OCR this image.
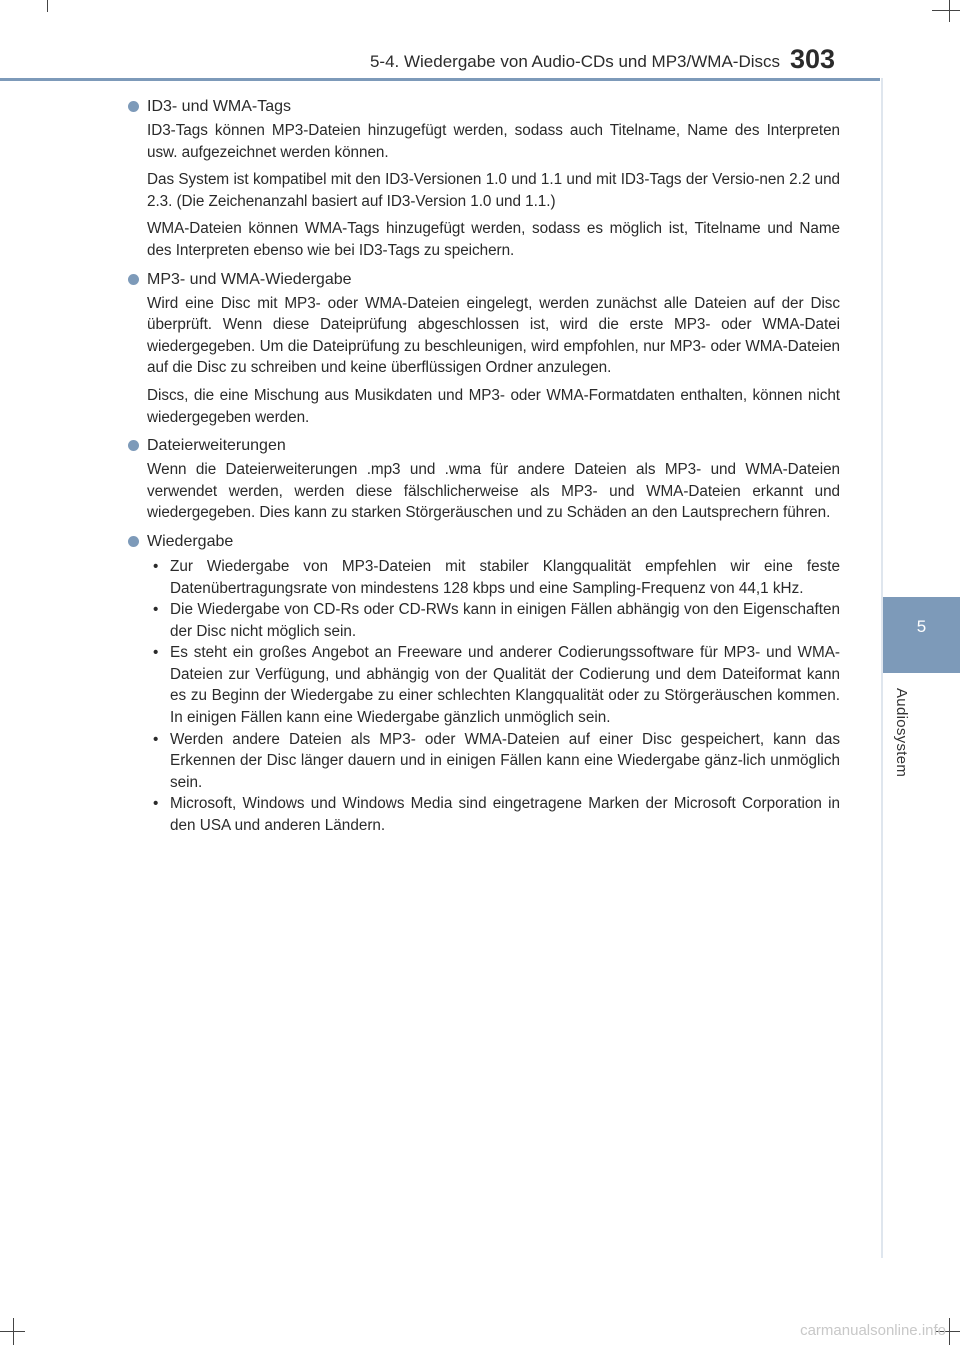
5-4. Wiedergabe von Audio-CDs und MP3/WMA-Discs 303
5
Audiosystem
ID3- und WMA-Tags

ID3-Tags können MP3-Dateien hinzugefügt werden, sodass auch Titelname, Name des Interpreten usw. aufgezeichnet werden können.

Das System ist kompatibel mit den ID3-Versionen 1.0 und 1.1 und mit ID3-Tags der Versio-nen 2.2 und 2.3. (Die Zeichenanzahl basiert auf ID3-Version 1.0 und 1.1.)

WMA-Dateien können WMA-Tags hinzugefügt werden, sodass es möglich ist, Titelname und Name des Interpreten ebenso wie bei ID3-Tags zu speichern.

MP3- und WMA-Wiedergabe

Wird eine Disc mit MP3- oder WMA-Dateien eingelegt, werden zunächst alle Dateien auf der Disc überprüft. Wenn diese Dateiprüfung abgeschlossen ist, wird die erste MP3- oder WMA-Datei wiedergegeben. Um die Dateiprüfung zu beschleunigen, wird empfohlen, nur MP3- oder WMA-Dateien auf die Disc zu schreiben und keine überflüssigen Ordner anzulegen.

Discs, die eine Mischung aus Musikdaten und MP3- oder WMA-Formatdaten enthalten, können nicht wiedergegeben werden.

Dateierweiterungen

Wenn die Dateierweiterungen .mp3 und .wma für andere Dateien als MP3- und WMA-Dateien verwendet werden, werden diese fälschlicherweise als MP3- und WMA-Dateien erkannt und wiedergegeben. Dies kann zu starken Störgeräuschen und zu Schäden an den Lautsprechern führen.

Wiedergabe
• Zur Wiedergabe von MP3-Dateien mit stabiler Klangqualität empfehlen wir eine feste Datenübertragungsrate von mindestens 128 kbps und eine Sampling-Frequenz von 44,1 kHz.
• Die Wiedergabe von CD-Rs oder CD-RWs kann in einigen Fällen abhängig von den Eigenschaften der Disc nicht möglich sein.
• Es steht ein großes Angebot an Freeware und anderer Codierungssoftware für MP3- und WMA-Dateien zur Verfügung, und abhängig von der Qualität der Codierung und dem Dateiformat kann es zu Beginn der Wiedergabe zu einer schlechten Klangqualität oder zu Störgeräuschen kommen. In einigen Fällen kann eine Wiedergabe gänzlich unmöglich sein.
• Werden andere Dateien als MP3- oder WMA-Dateien auf einer Disc gespeichert, kann das Erkennen der Disc länger dauern und in einigen Fällen kann eine Wiedergabe gänz-lich unmöglich sein.
• Microsoft, Windows und Windows Media sind eingetragene Marken der Microsoft Corporation in den USA und anderen Ländern.
carmanualsonline.info
